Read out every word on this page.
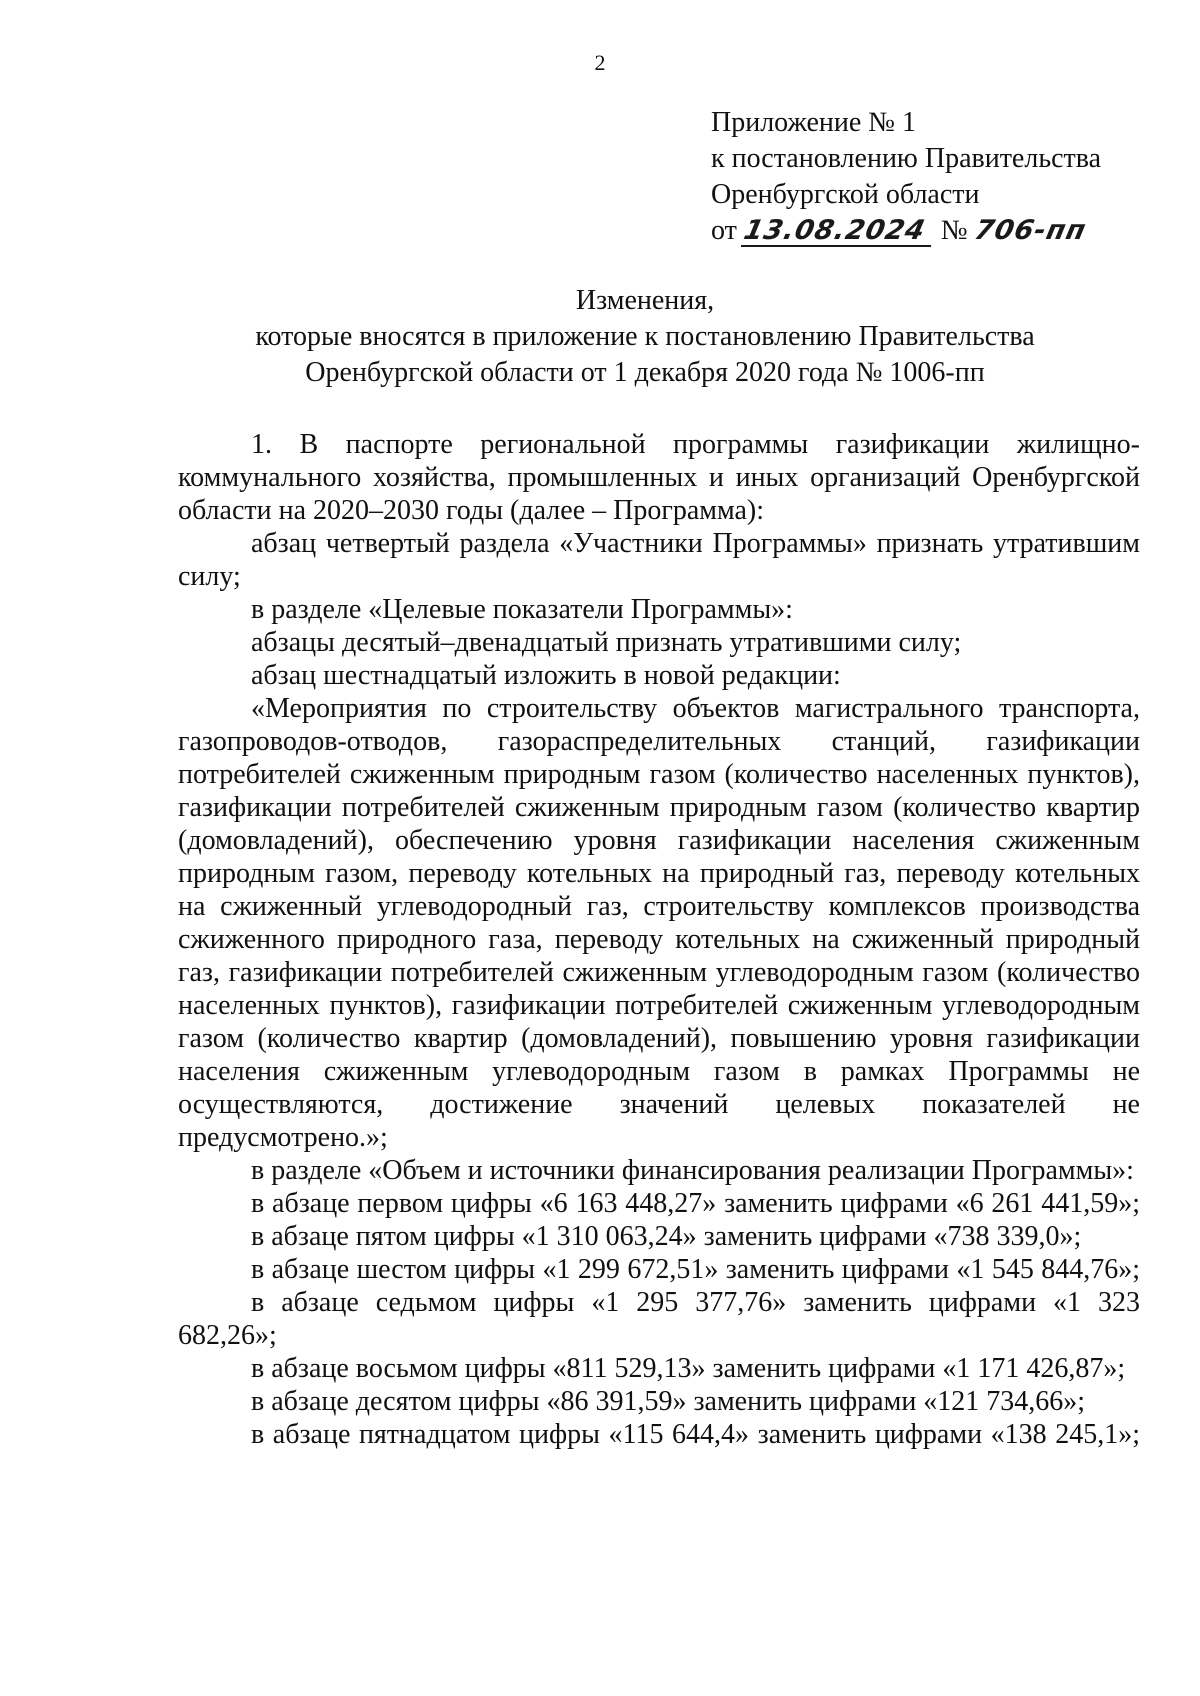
2
Приложение № 1
к постановлению Правительства
Оренбургской области
от 13.08.2024 № 706-пп
Изменения,
которые вносятся в приложение к постановлению Правительства
Оренбургской области от 1 декабря 2020 года № 1006-пп

1. В паспорте региональной программы газификации жилищно-коммунального хозяйства, промышленных и иных организаций Оренбургской области на 2020–2030 годы (далее – Программа):

абзац четвертый раздела «Участники Программы» признать утратившим силу;

в разделе «Целевые показатели Программы»:

абзацы десятый–двенадцатый признать утратившими силу;

абзац шестнадцатый изложить в новой редакции:

«Мероприятия по строительству объектов магистрального транспорта, газопроводов-отводов, газораспределительных станций, газификации потребителей сжиженным природным газом (количество населенных пунктов), газификации потребителей сжиженным природным газом (количество квартир (домовладений), обеспечению уровня газификации населения сжиженным природным газом, переводу котельных на природный газ, переводу котельных на сжиженный углеводородный газ, строительству комплексов производства сжиженного природного газа, переводу котельных на сжиженный природный газ, газификации потребителей сжиженным углеводородным газом (количество населенных пунктов), газификации потребителей сжиженным углеводородным газом (количество квартир (домовладений), повышению уровня газификации населения сжиженным углеводородным газом в рамках Программы не осуществляются, достижение значений целевых показателей не предусмотрено.»;

в разделе «Объем и источники финансирования реализации Программы»:

в абзаце первом цифры «6 163 448,27» заменить цифрами «6 261 441,59»;

в абзаце пятом цифры «1 310 063,24» заменить цифрами «738 339,0»;

в абзаце шестом цифры «1 299 672,51» заменить цифрами «1 545 844,76»;

в абзаце седьмом цифры «1 295 377,76» заменить цифрами «1 323 682,26»;

в абзаце восьмом цифры «811 529,13» заменить цифрами «1 171 426,87»;

в абзаце десятом цифры «86 391,59» заменить цифрами «121 734,66»;

в абзаце пятнадцатом цифры «115 644,4» заменить цифрами «138 245,1»;
